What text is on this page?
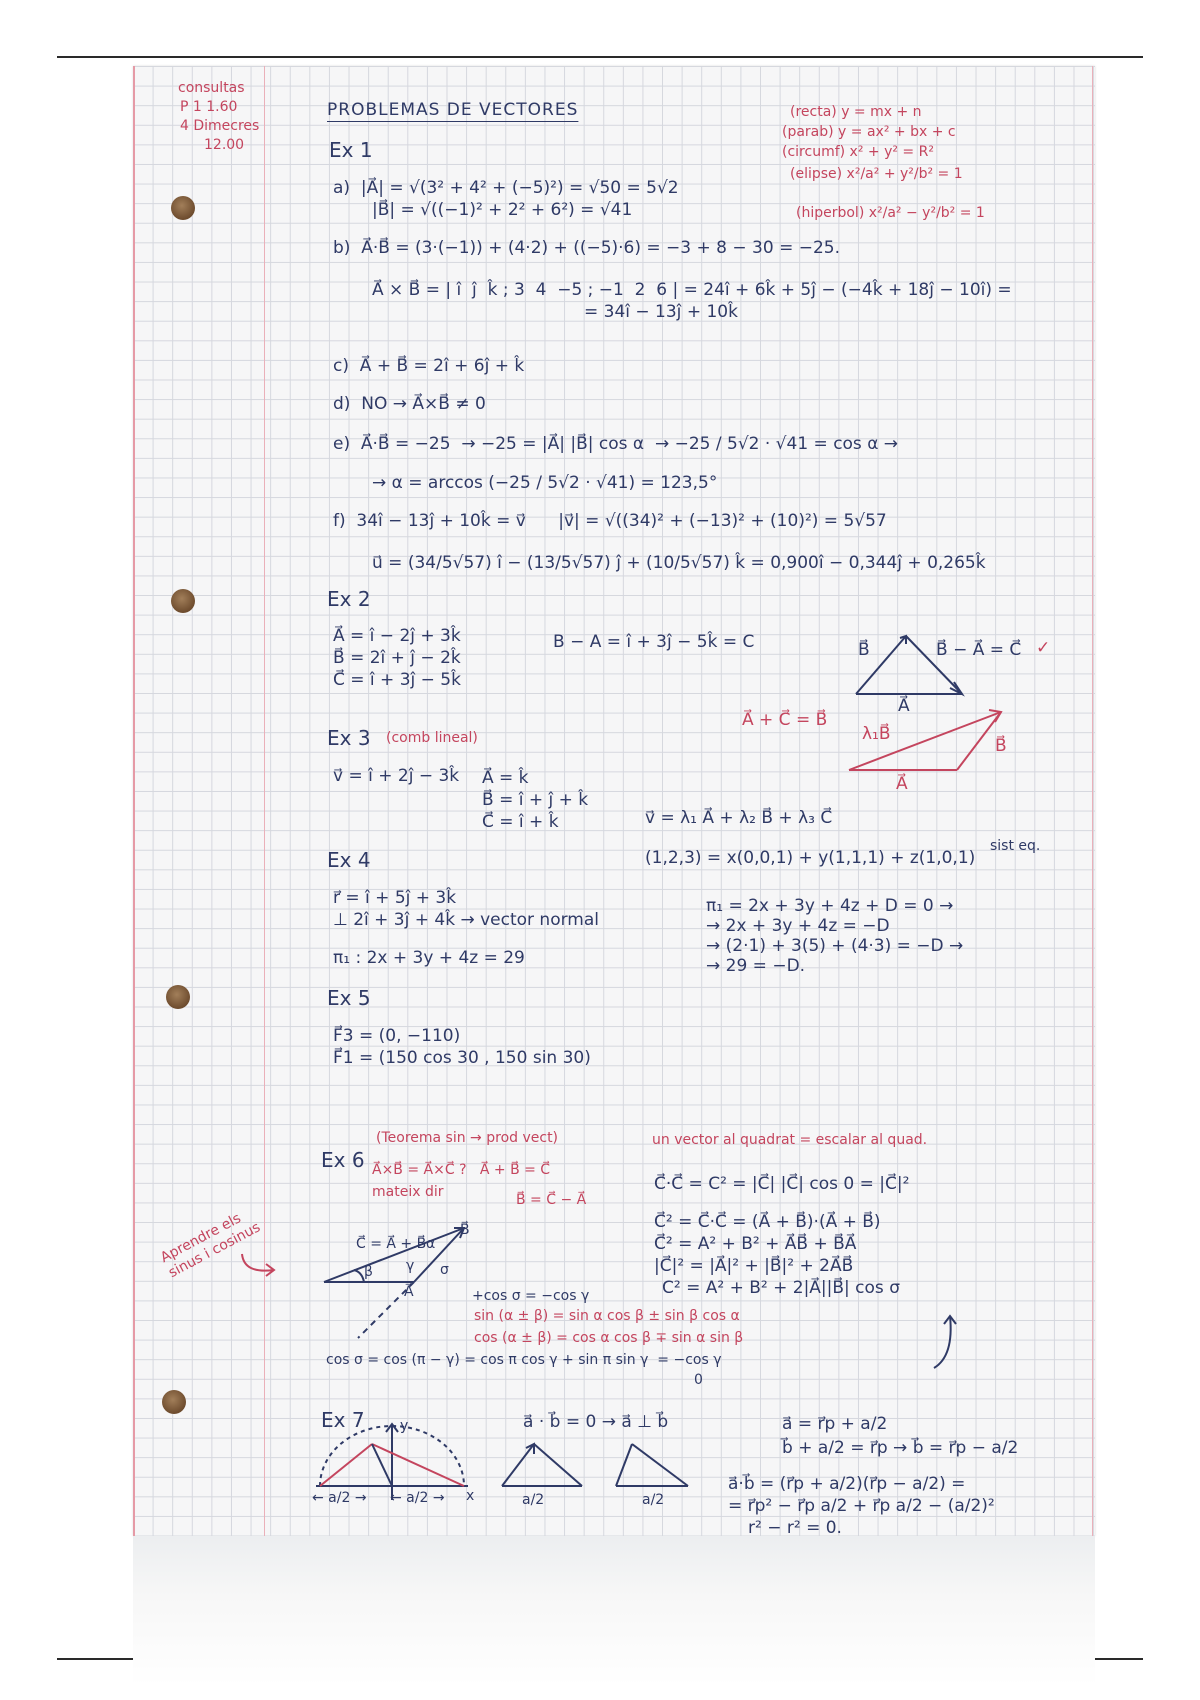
consultas
P 1 1.60
4 Dimecres
12.00
PROBLEMAS DE VECTORES	(recta) y = mx + n
(parab) y = ax² + bx + c
(circumf) x² + y² = R²
(elipse) x²/a² + y²/b² = 1
(hiperbol) x²/a² − y²/b² = 1
Ex 1
a)  |A⃗| = √(3² + 4² + (−5)²) = √50 = 5√2
|B⃗| = √((−1)² + 2² + 6²) = √41
b)  A⃗·B⃗ = (3·(−1)) + (4·2) + ((−5)·6) = −3 + 8 − 30 = −25.
A⃗ × B⃗ = | î  ĵ  k̂ ; 3  4  −5 ; −1  2  6 | = 24î + 6k̂ + 5ĵ − (−4k̂ + 18ĵ − 10î) =
= 34î − 13ĵ + 10k̂
c)  A⃗ + B⃗ = 2î + 6ĵ + k̂
d)  NO → A⃗×B⃗ ≠ 0
e)  A⃗·B⃗ = −25  → −25 = |A⃗| |B⃗| cos α  → −25 / 5√2 · √41 = cos α →
→ α = arccos (−25 / 5√2 · √41) = 123,5°
f)  34î − 13ĵ + 10k̂ = v⃗      |v⃗| = √((34)² + (−13)² + (10)²) = 5√57
u⃗ = (34/5√57) î − (13/5√57) ĵ + (10/5√57) k̂ = 0,900î − 0,344ĵ + 0,265k̂
Ex 2
A⃗ = î − 2ĵ + 3k̂
B⃗ = 2î + ĵ − 2k̂
C⃗ = î + 3ĵ − 5k̂
B − A = î + 3ĵ − 5k̂ = C	B⃗
A⃗
B⃗ − A⃗ = C⃗ ✓
A⃗ + C⃗ = B⃗
λ₁B⃗
B⃗
A⃗
Ex 3 (comb lineal)
v⃗ = î + 2ĵ − 3k̂ A⃗ = k̂
B⃗ = î + ĵ + k̂
C⃗ = î + k̂	v⃗ = λ₁ A⃗ + λ₂ B⃗ + λ₃ C⃗
(1,2,3) = x(0,0,1) + y(1,1,1) + z(1,0,1)
sist eq.
Ex 4
r⃗ = î + 5ĵ + 3k̂
⊥ 2î + 3ĵ + 4k̂ → vector normal
π₁ : 2x + 3y + 4z = 29
π₁ = 2x + 3y + 4z + D = 0 →
→ 2x + 3y + 4z = −D
→ (2·1) + 3(5) + (4·3) = −D →
→ 29 = −D.
Ex 5
F⃗3 = (0, −110)
F⃗1 = (150 cos 30 , 150 sin 30)
(Teorema sin → prod vect)	un vector al quadrat = escalar al quad.
Ex 6 A⃗×B⃗ = A⃗×C⃗ ?   A⃗ + B⃗ = C⃗
mateix dir	B⃗ = C⃗ − A⃗
Aprendre els sinus i cosinus	C⃗ = A⃗ + B⃗
B⃗
A⃗
β γ σ
α
C⃗·C⃗ = C² = |C⃗| |C⃗| cos 0 = |C⃗|²
C⃗² = C⃗·C⃗ = (A⃗ + B⃗)·(A⃗ + B⃗)
C⃗² = A² + B² + A⃗B⃗ + B⃗A⃗
|C⃗|² = |A⃗|² + |B⃗|² + 2A⃗B⃗
C² = A² + B² + 2|A⃗||B⃗| cos σ
+cos σ = −cos γ
sin (α ± β) = sin α cos β ± sin β cos α
cos (α ± β) = cos α cos β ∓ sin α sin β
cos σ = cos (π − γ) = cos π cos γ + sin π sin γ  = −cos γ
0
Ex 7	a⃗ · b⃗ = 0 → a⃗ ⊥ b⃗
y
x
← a/2 → ← a/2 →	a/2	a/2
a⃗ = r⃗p + a/2
b⃗ + a/2 = r⃗p → b⃗ = r⃗p − a/2
a⃗·b⃗ = (r⃗p + a/2)(r⃗p − a/2) =
= r⃗p² − r⃗p a/2 + r⃗p a/2 − (a/2)²
r² − r² = 0.
